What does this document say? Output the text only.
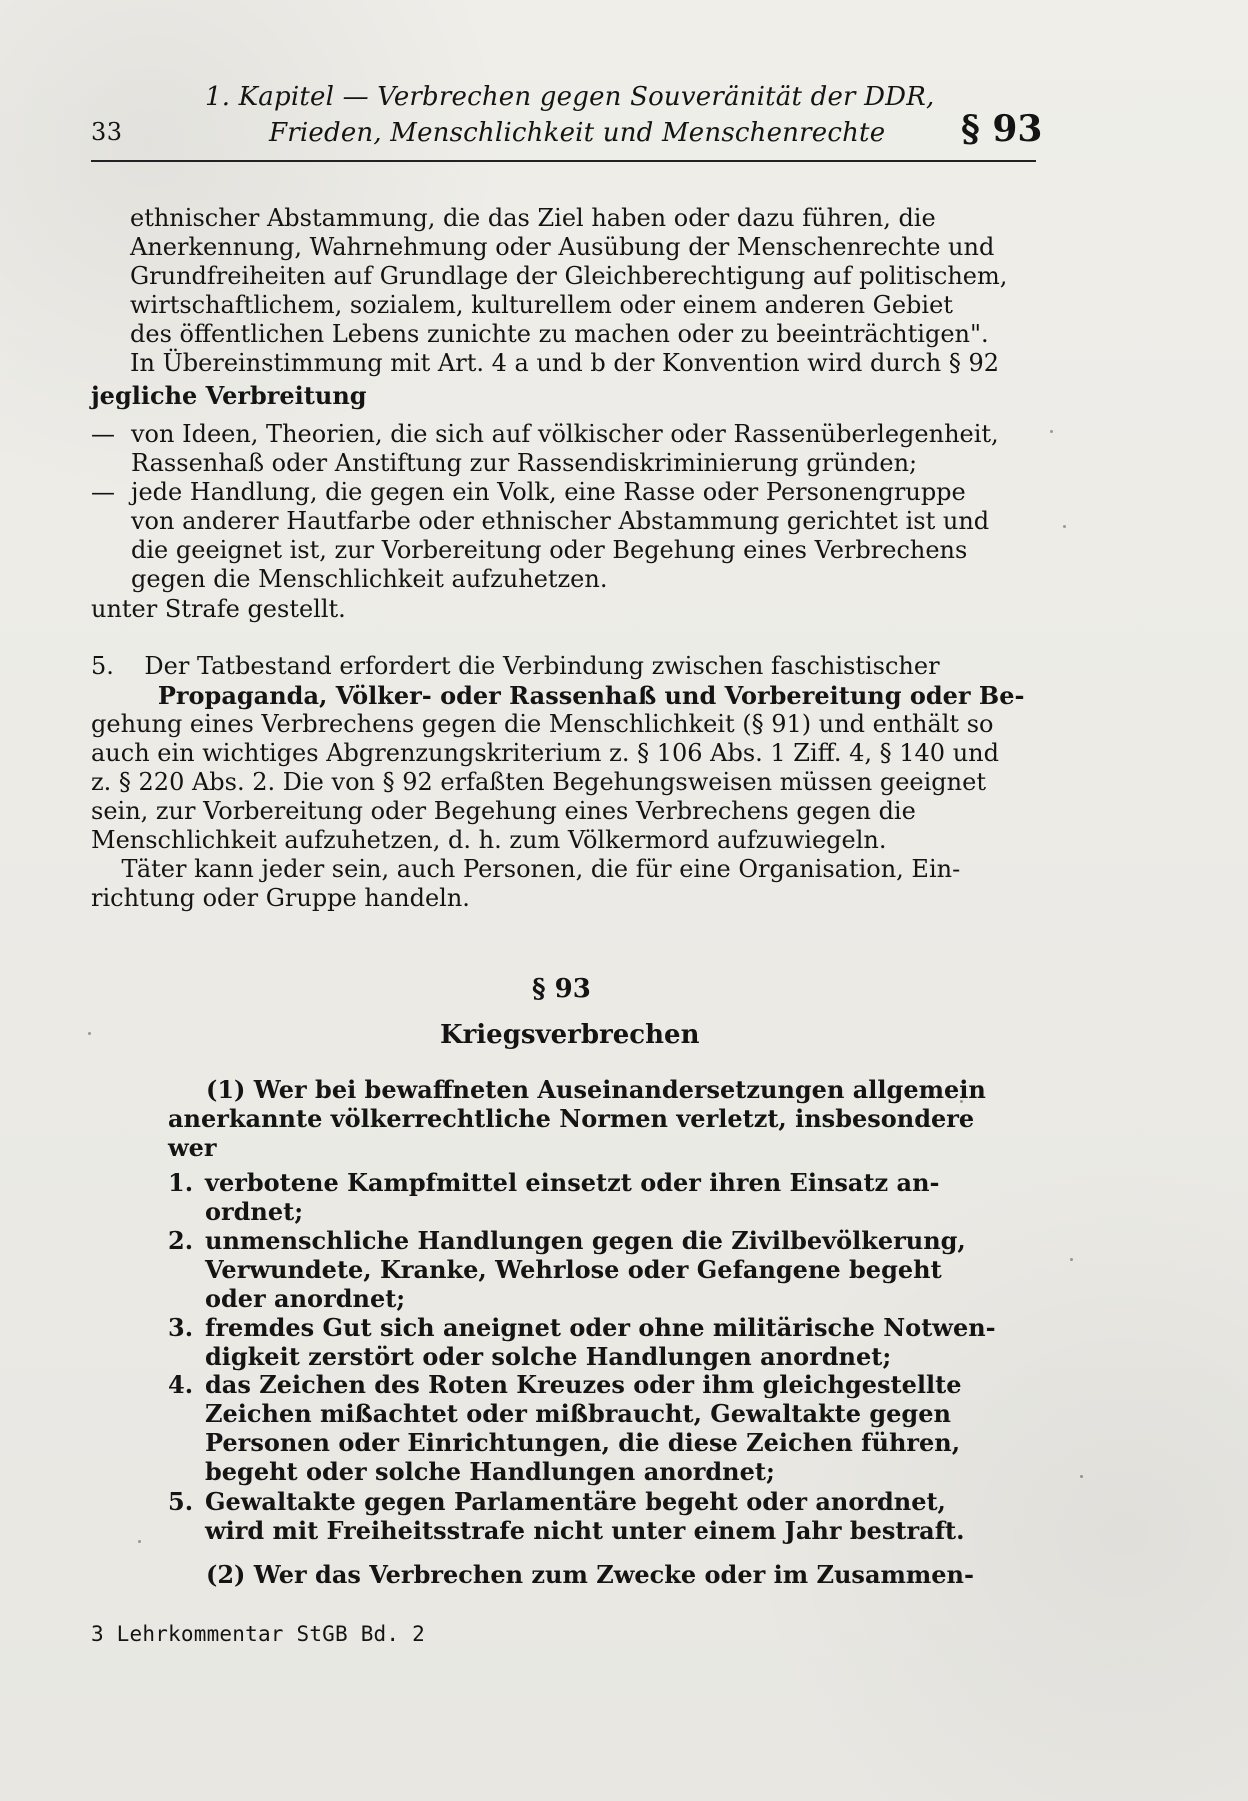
33
1. Kapitel — Verbrechen gegen Souveränität der DDR,
Frieden, Menschlichkeit und Menschenrechte § 93
ethnischer Abstammung, die das Ziel haben oder dazu führen, die
Anerkennung, Wahrnehmung oder Ausübung der Menschenrechte und
Grundfreiheiten auf Grundlage der Gleichberechtigung auf politischem,
wirtschaftlichem, sozialem, kulturellem oder einem anderen Gebiet
des öffentlichen Lebens zunichte zu machen oder zu beeinträchtigen".
In Übereinstimmung mit Art. 4 a und b der Konvention wird durch § 92
jegliche Verbreitung
— von Ideen, Theorien, die sich auf völkischer oder Rassenüberlegenheit,
Rassenhaß oder Anstiftung zur Rassendiskriminierung gründen;
— jede Handlung, die gegen ein Volk, eine Rasse oder Personengruppe
von anderer Hautfarbe oder ethnischer Abstammung gerichtet ist und
die geeignet ist, zur Vorbereitung oder Begehung eines Verbrechens
gegen die Menschlichkeit aufzuhetzen.
unter Strafe gestellt.
5.    Der Tatbestand erfordert die Verbindung zwischen faschistischer
Propaganda, Völker- oder Rassenhaß und Vorbereitung oder Be-
gehung eines Verbrechens gegen die Menschlichkeit (§ 91) und enthält so
auch ein wichtiges Abgrenzungskriterium z. § 106 Abs. 1 Ziff. 4, § 140 und
z. § 220 Abs. 2. Die von § 92 erfaßten Begehungsweisen müssen geeignet
sein, zur Vorbereitung oder Begehung eines Verbrechens gegen die
Menschlichkeit aufzuhetzen, d. h. zum Völkermord aufzuwiegeln.
Täter kann jeder sein, auch Personen, die für eine Organisation, Ein-
richtung oder Gruppe handeln.
§ 93
Kriegsverbrechen
(1) Wer bei bewaffneten Auseinandersetzungen allgemein
anerkannte völkerrechtliche Normen verletzt, insbesondere
wer
1. verbotene Kampfmittel einsetzt oder ihren Einsatz an-
ordnet;
2. unmenschliche Handlungen gegen die Zivilbevölkerung,
Verwundete, Kranke, Wehrlose oder Gefangene begeht
oder anordnet;
3. fremdes Gut sich aneignet oder ohne militärische Notwen-
digkeit zerstört oder solche Handlungen anordnet;
4. das Zeichen des Roten Kreuzes oder ihm gleichgestellte
Zeichen mißachtet oder mißbraucht, Gewaltakte gegen
Personen oder Einrichtungen, die diese Zeichen führen,
begeht oder solche Handlungen anordnet;
5. Gewaltakte gegen Parlamentäre begeht oder anordnet,
wird mit Freiheitsstrafe nicht unter einem Jahr bestraft.
(2) Wer das Verbrechen zum Zwecke oder im Zusammen-
3 Lehrkommentar StGB Bd. 2
